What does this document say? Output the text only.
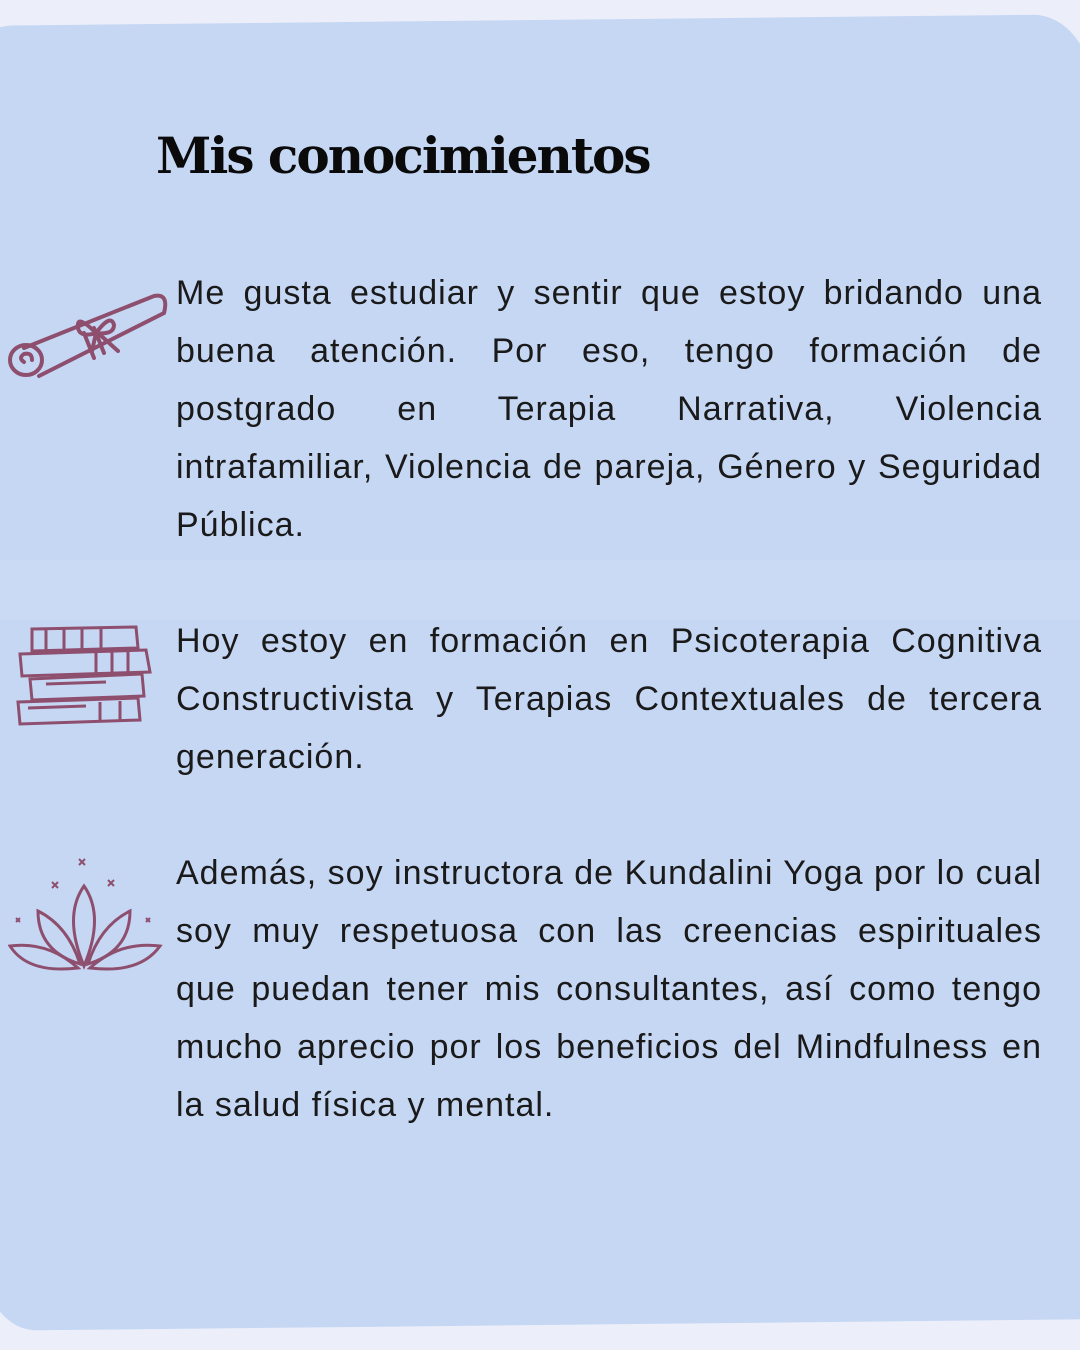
Mis conocimientos

Me gusta estudiar y sentir que estoy bridando una buena atención. Por eso, tengo formación de postgrado en Terapia Narrativa, Violencia intrafamiliar, Violencia de pareja, Género y Seguridad Pública.

Hoy estoy en formación en Psicoterapia Cognitiva Constructivista y Terapias Contextuales de tercera generación.

Además, soy instructora de Kundalini Yoga por lo cual soy muy respetuosa con las creencias espirituales que puedan tener mis consultantes, así como tengo mucho aprecio por los beneficios del Mindfulness en la salud física y mental.
